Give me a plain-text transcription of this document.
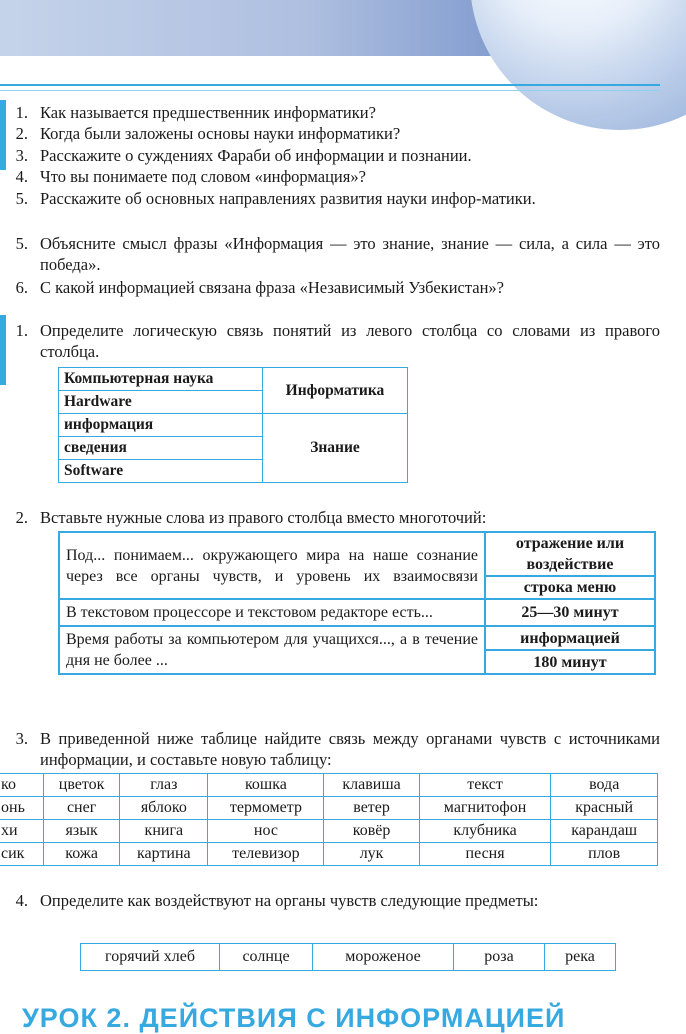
1. Как называется предшественник информатики?
2. Когда были заложены основы науки информатики?
3. Расскажите о суждениях Фараби об информации и познании.
4. Что вы понимаете под словом «информация»?
5. Расскажите об основных направлениях развития науки инфор-матики.
5. Объясните смысл фразы «Информация — это знание, знание — сила, а сила — это победа».
6. С какой информацией связана фраза «Независимый Узбекистан»?
1. Определите логическую связь понятий из левого столбца со словами из правого столбца.
Компьютерная наука	Информатика
Hardware	
информация	Знание
сведения	
Software	
2. Вставьте нужные слова из правого столбца вместо многоточий:
Под... понимаем... окружающего мира на наше сознание через все органы чувств, и уровень их взаимосвязи	отражение или воздействие
	строка меню
В текстовом процессоре и текстовом редакторе есть...	25—30 минут
Время работы за компьютером для учащихся..., а в течение дня не более ...	информацией
	180 минут
3. В приведенной ниже таблице найдите связь между органами чувств с источниками информации, и составьте новую таблицу:
ко	цветок	глаз	кошка	клавиша	текст	вода
онь	снег	яблоко	термометр	ветер	магнитофон	красный
хи	язык	книга	нос	ковёр	клубника	карандаш
сик	кожа	картина	телевизор	лук	песня	плов
4. Определите как воздействуют на органы чувств следующие предметы:
горячий хлеб	солнце	мороженое	роза	река
УРОК 2. ДЕЙСТВИЯ С ИНФОРМАЦИЕЙ
